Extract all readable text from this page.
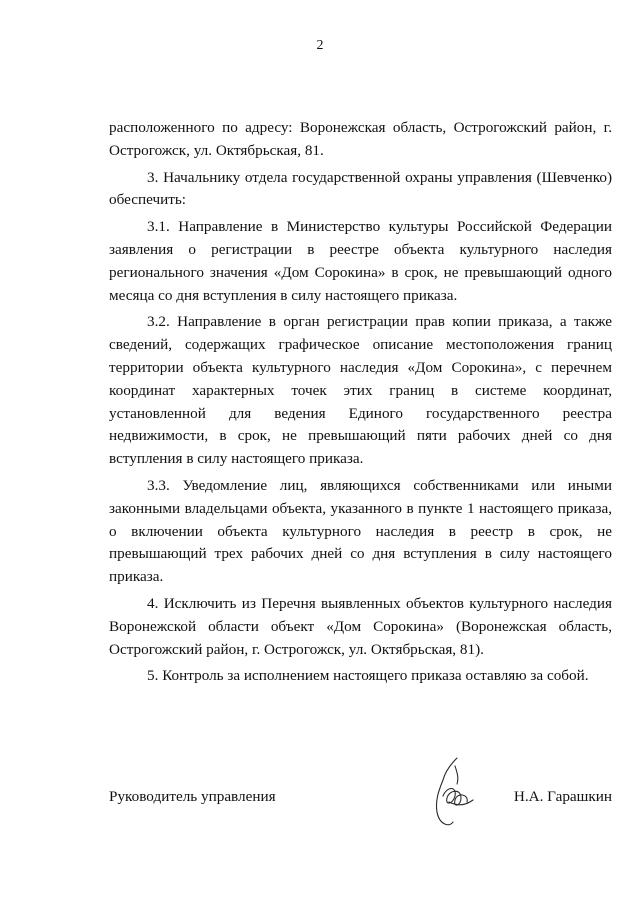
2

расположенного по адресу: Воронежская область, Острогожский район, г. Острогожск, ул. Октябрьская, 81.

3. Начальнику отдела государственной охраны управления (Шевченко) обеспечить:

3.1. Направление в Министерство культуры Российской Федерации заявления о регистрации в реестре объекта культурного наследия регионального значения «Дом Сорокина» в срок, не превышающий одного месяца со дня вступления в силу настоящего приказа.

3.2. Направление в орган регистрации прав копии приказа, а также сведений, содержащих графическое описание местоположения границ территории объекта культурного наследия «Дом Сорокина», с перечнем координат характерных точек этих границ в системе координат, установленной для ведения Единого государственного реестра недвижимости, в срок, не превышающий пяти рабочих дней со дня вступления в силу настоящего приказа.

3.3. Уведомление лиц, являющихся собственниками или иными законными владельцами объекта, указанного в пункте 1 настоящего приказа, о включении объекта культурного наследия в реестр в срок, не превышающий трех рабочих дней со дня вступления в силу настоящего приказа.

4. Исключить из Перечня выявленных объектов культурного наследия Воронежской области объект «Дом Сорокина» (Воронежская область, Острогожский район, г. Острогожск, ул. Октябрьская, 81).

5. Контроль за исполнением настоящего приказа оставляю за собой.

Руководитель управления	Н.А. Гарашкин
